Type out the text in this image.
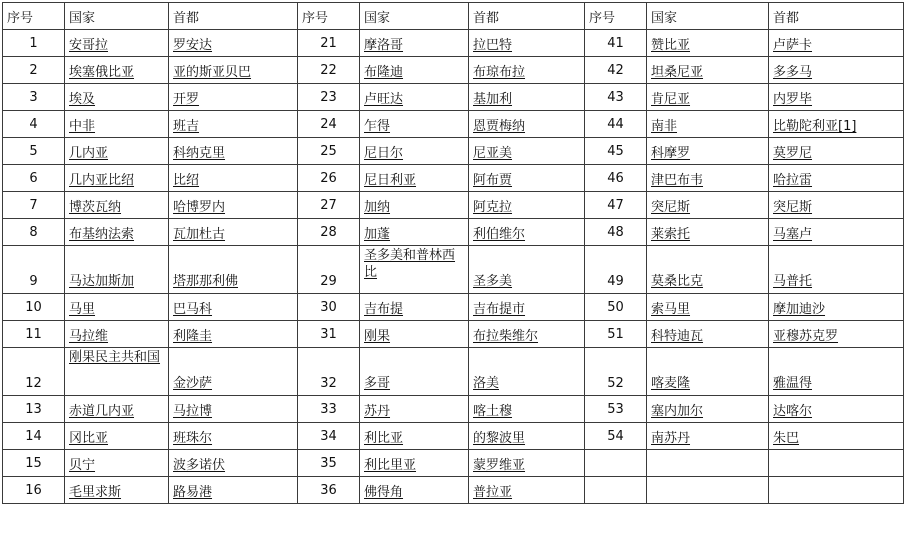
序号	国家	首都	序号	国家	首都	序号	国家	首都
1	安哥拉	罗安达	21	摩洛哥	拉巴特	41	赞比亚	卢萨卡
2	埃塞俄比亚	亚的斯亚贝巴	22	布隆迪	布琼布拉	42	坦桑尼亚	多多马
3	埃及	开罗	23	卢旺达	基加利	43	肯尼亚	内罗毕
4	中非	班吉	24	乍得	恩贾梅纳	44	南非	比勒陀利亚[1]
5	几内亚	科纳克里	25	尼日尔	尼亚美	45	科摩罗	莫罗尼
6	几内亚比绍	比绍	26	尼日利亚	阿布贾	46	津巴布韦	哈拉雷
7	博茨瓦纳	哈博罗内	27	加纳	阿克拉	47	突尼斯	突尼斯
8	布基纳法索	瓦加杜古	28	加蓬	利伯维尔	48	莱索托	马塞卢
9	马达加斯加	塔那那利佛	29	圣多美和普林西比	圣多美	49	莫桑比克	马普托
10	马里	巴马科	30	吉布提	吉布提市	50	索马里	摩加迪沙
11	马拉维	利隆圭	31	刚果	布拉柴维尔	51	科特迪瓦	亚穆苏克罗
12	刚果民主共和国	金沙萨	32	多哥	洛美	52	喀麦隆	雅温得
13	赤道几内亚	马拉博	33	苏丹	喀土穆	53	塞内加尔	达喀尔
14	冈比亚	班珠尔	34	利比亚	的黎波里	54	南苏丹	朱巴
15	贝宁	波多诺伏	35	利比里亚	蒙罗维亚			
16	毛里求斯	路易港	36	佛得角	普拉亚			
